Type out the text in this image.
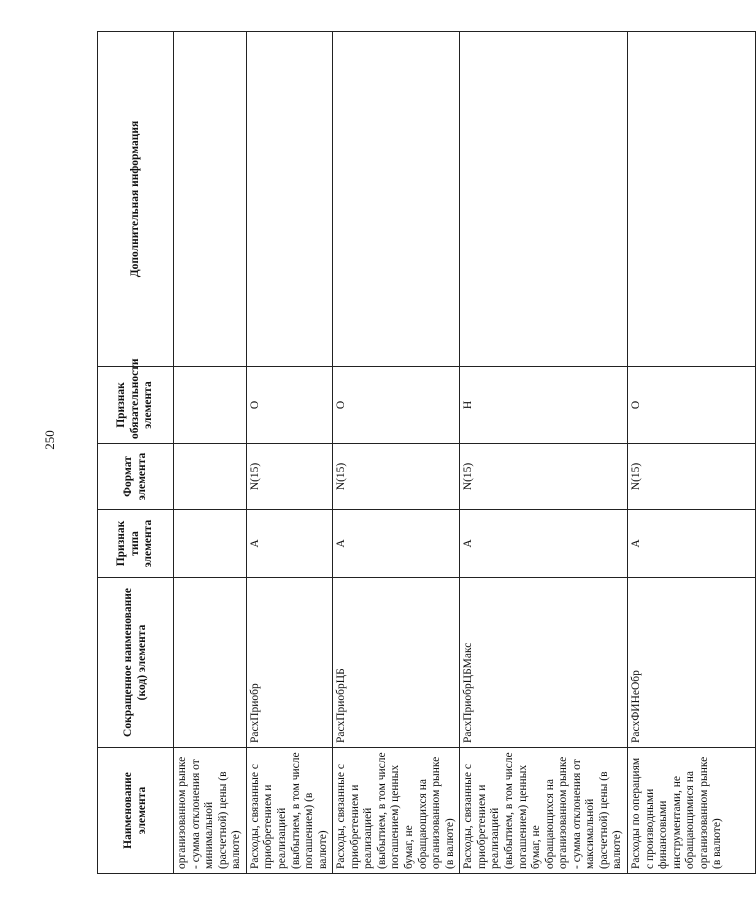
250
Наименование элемента	Сокращенное наименование (код) элемента	Признак типа элемента	Формат элемента	Признак обязательности элемента	Дополнительная информация
организованном рынке - сумма отклонения от минимальной (расчетной) цены (в валюте)					
Расходы, связанные с приобретением и реализацией (выбытием, в том числе погашением) (в валюте)	РасхПриобр	А	N(15)	О	
Расходы, связанные с приобретением и реализацией (выбытием, в том числе погашением) ценных бумаг, не обращающихся на организованном рынке (в валюте)	РасхПриобрЦБ	А	N(15)	О	
Расходы, связанные с приобретением и реализацией (выбытием, в том числе погашением) ценных бумаг, не обращающихся на организованном рынке - сумма отклонения от максимальной (расчетной) цены (в валюте)	РасхПриобрЦБМакс	А	N(15)	Н	
Расходы по операциям с производными финансовыми инструментами, не обращающимися на организованном рынке (в валюте)	РасхФИНеОбр	А	N(15)	О	
